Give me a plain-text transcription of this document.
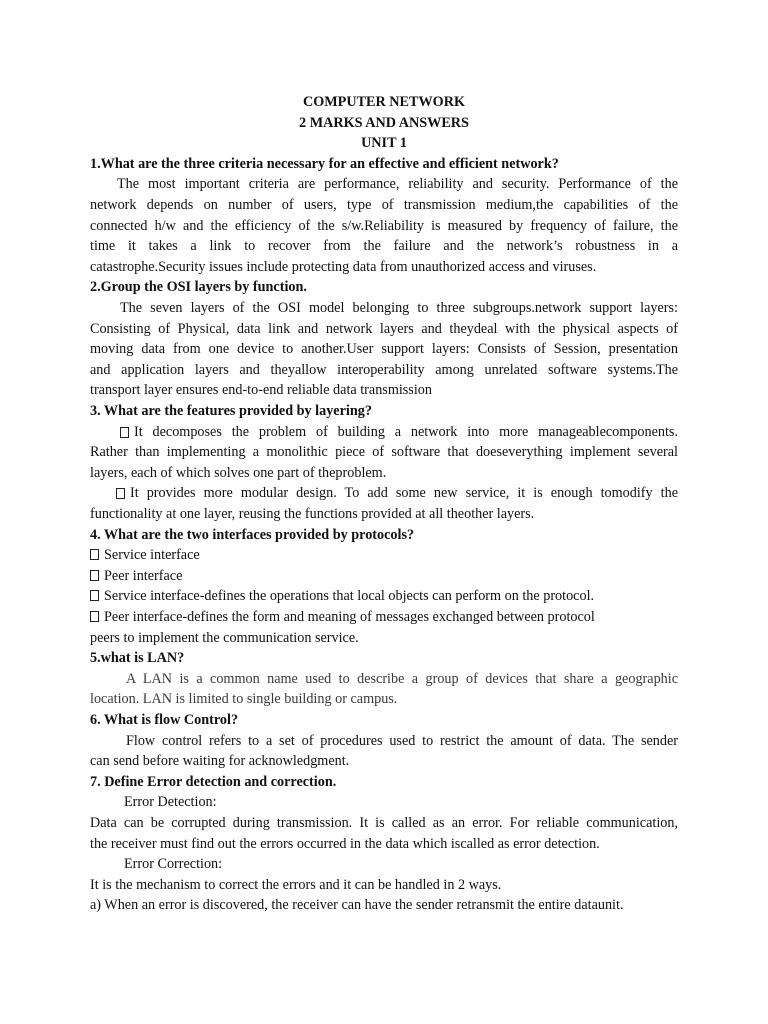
COMPUTER NETWORK
2 MARKS AND ANSWERS
UNIT 1
1.What are the three criteria necessary for an effective and efficient network?
The most important criteria are performance, reliability and security. Performance of the
network depends on number of users, type of transmission medium,the capabilities of the
connected h/w and the efficiency of the s/w.Reliability is measured by frequency of failure, the
time it takes a link to recover from the failure and the network’s robustness in a
catastrophe.Security issues include protecting data from unauthorized access and viruses.
2.Group the OSI layers by function.
The seven layers of the OSI model belonging to three subgroups.network support layers:
Consisting of Physical, data link and network layers and theydeal with the physical aspects of
moving data from one device to another.User support layers: Consists of Session, presentation
and application layers and theyallow interoperability among unrelated software systems.The
transport layer ensures end-to-end reliable data transmission
3. What are the features provided by layering?
It decomposes the problem of building a network into more manageablecomponents.
Rather than implementing a monolithic piece of software that doeseverything implement several
layers, each of which solves one part of theproblem.
It provides more modular design. To add some new service, it is enough tomodify the
functionality at one layer, reusing the functions provided at all theother layers.
4. What are the two interfaces provided by protocols?
Service interface
Peer interface
Service interface-defines the operations that local objects can perform on the protocol.
Peer interface-defines the form and meaning of messages exchanged between protocol
peers to implement the communication service.
5.what is LAN?
A LAN is a common name used to describe a group of devices that share a geographic
location. LAN is limited to single building or campus.
6. What is flow Control?
Flow control refers to a set of procedures used to restrict the amount of data. The sender
can send before waiting for acknowledgment.
7. Define Error detection and correction.
Error Detection:
Data can be corrupted during transmission. It is called as an error. For reliable communication,
the receiver must find out the errors occurred in the data which iscalled as error detection.
Error Correction:
It is the mechanism to correct the errors and it can be handled in 2 ways.
a) When an error is discovered, the receiver can have the sender retransmit the entire dataunit.
